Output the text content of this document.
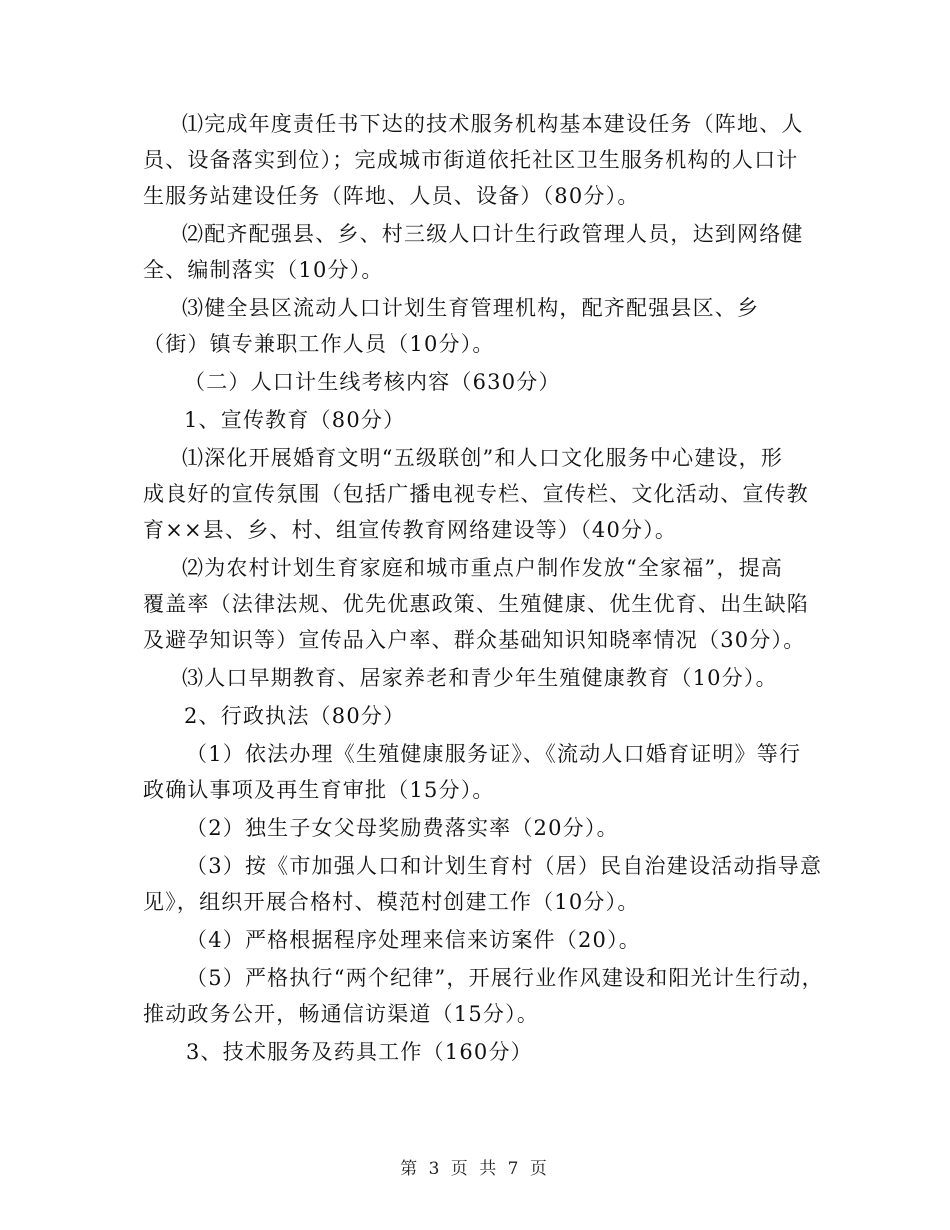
⑴完成年度责任书下达的技术服务机构基本建设任务（阵地、人
员、设备落实到位）；完成城市街道依托社区卫生服务机构的人口计
生服务站建设任务（阵地、人员、设备）（80分）。
⑵配齐配强县、乡、村三级人口计生行政管理人员，达到网络健
全、编制落实（10分）。
⑶健全县区流动人口计划生育管理机构，配齐配强县区、乡
（街）镇专兼职工作人员（10分）。
（二）人口计生线考核内容（630分）
1、宣传教育（80分）
⑴深化开展婚育文明“五级联创”和人口文化服务中心建设，形
成良好的宣传氛围（包括广播电视专栏、宣传栏、文化活动、宣传教
育××县、乡、村、组宣传教育网络建设等）（40分）。
⑵为农村计划生育家庭和城市重点户制作发放“全家福”，提高
覆盖率（法律法规、优先优惠政策、生殖健康、优生优育、出生缺陷
及避孕知识等）宣传品入户率、群众基础知识知晓率情况（30分）。
⑶人口早期教育、居家养老和青少年生殖健康教育（10分）。
2、行政执法（80分）
（1）依法办理《生殖健康服务证》、《流动人口婚育证明》等行
政确认事项及再生育审批（15分）。
（2）独生子女父母奖励费落实率（20分）。
（3）按《市加强人口和计划生育村（居）民自治建设活动指导意
见》，组织开展合格村、模范村创建工作（10分）。
（4）严格根据程序处理来信来访案件（20）。
（5）严格执行“两个纪律”，开展行业作风建设和阳光计生行动，
推动政务公开，畅通信访渠道（15分）。
3、技术服务及药具工作（160分）
第 3 页 共 7 页
